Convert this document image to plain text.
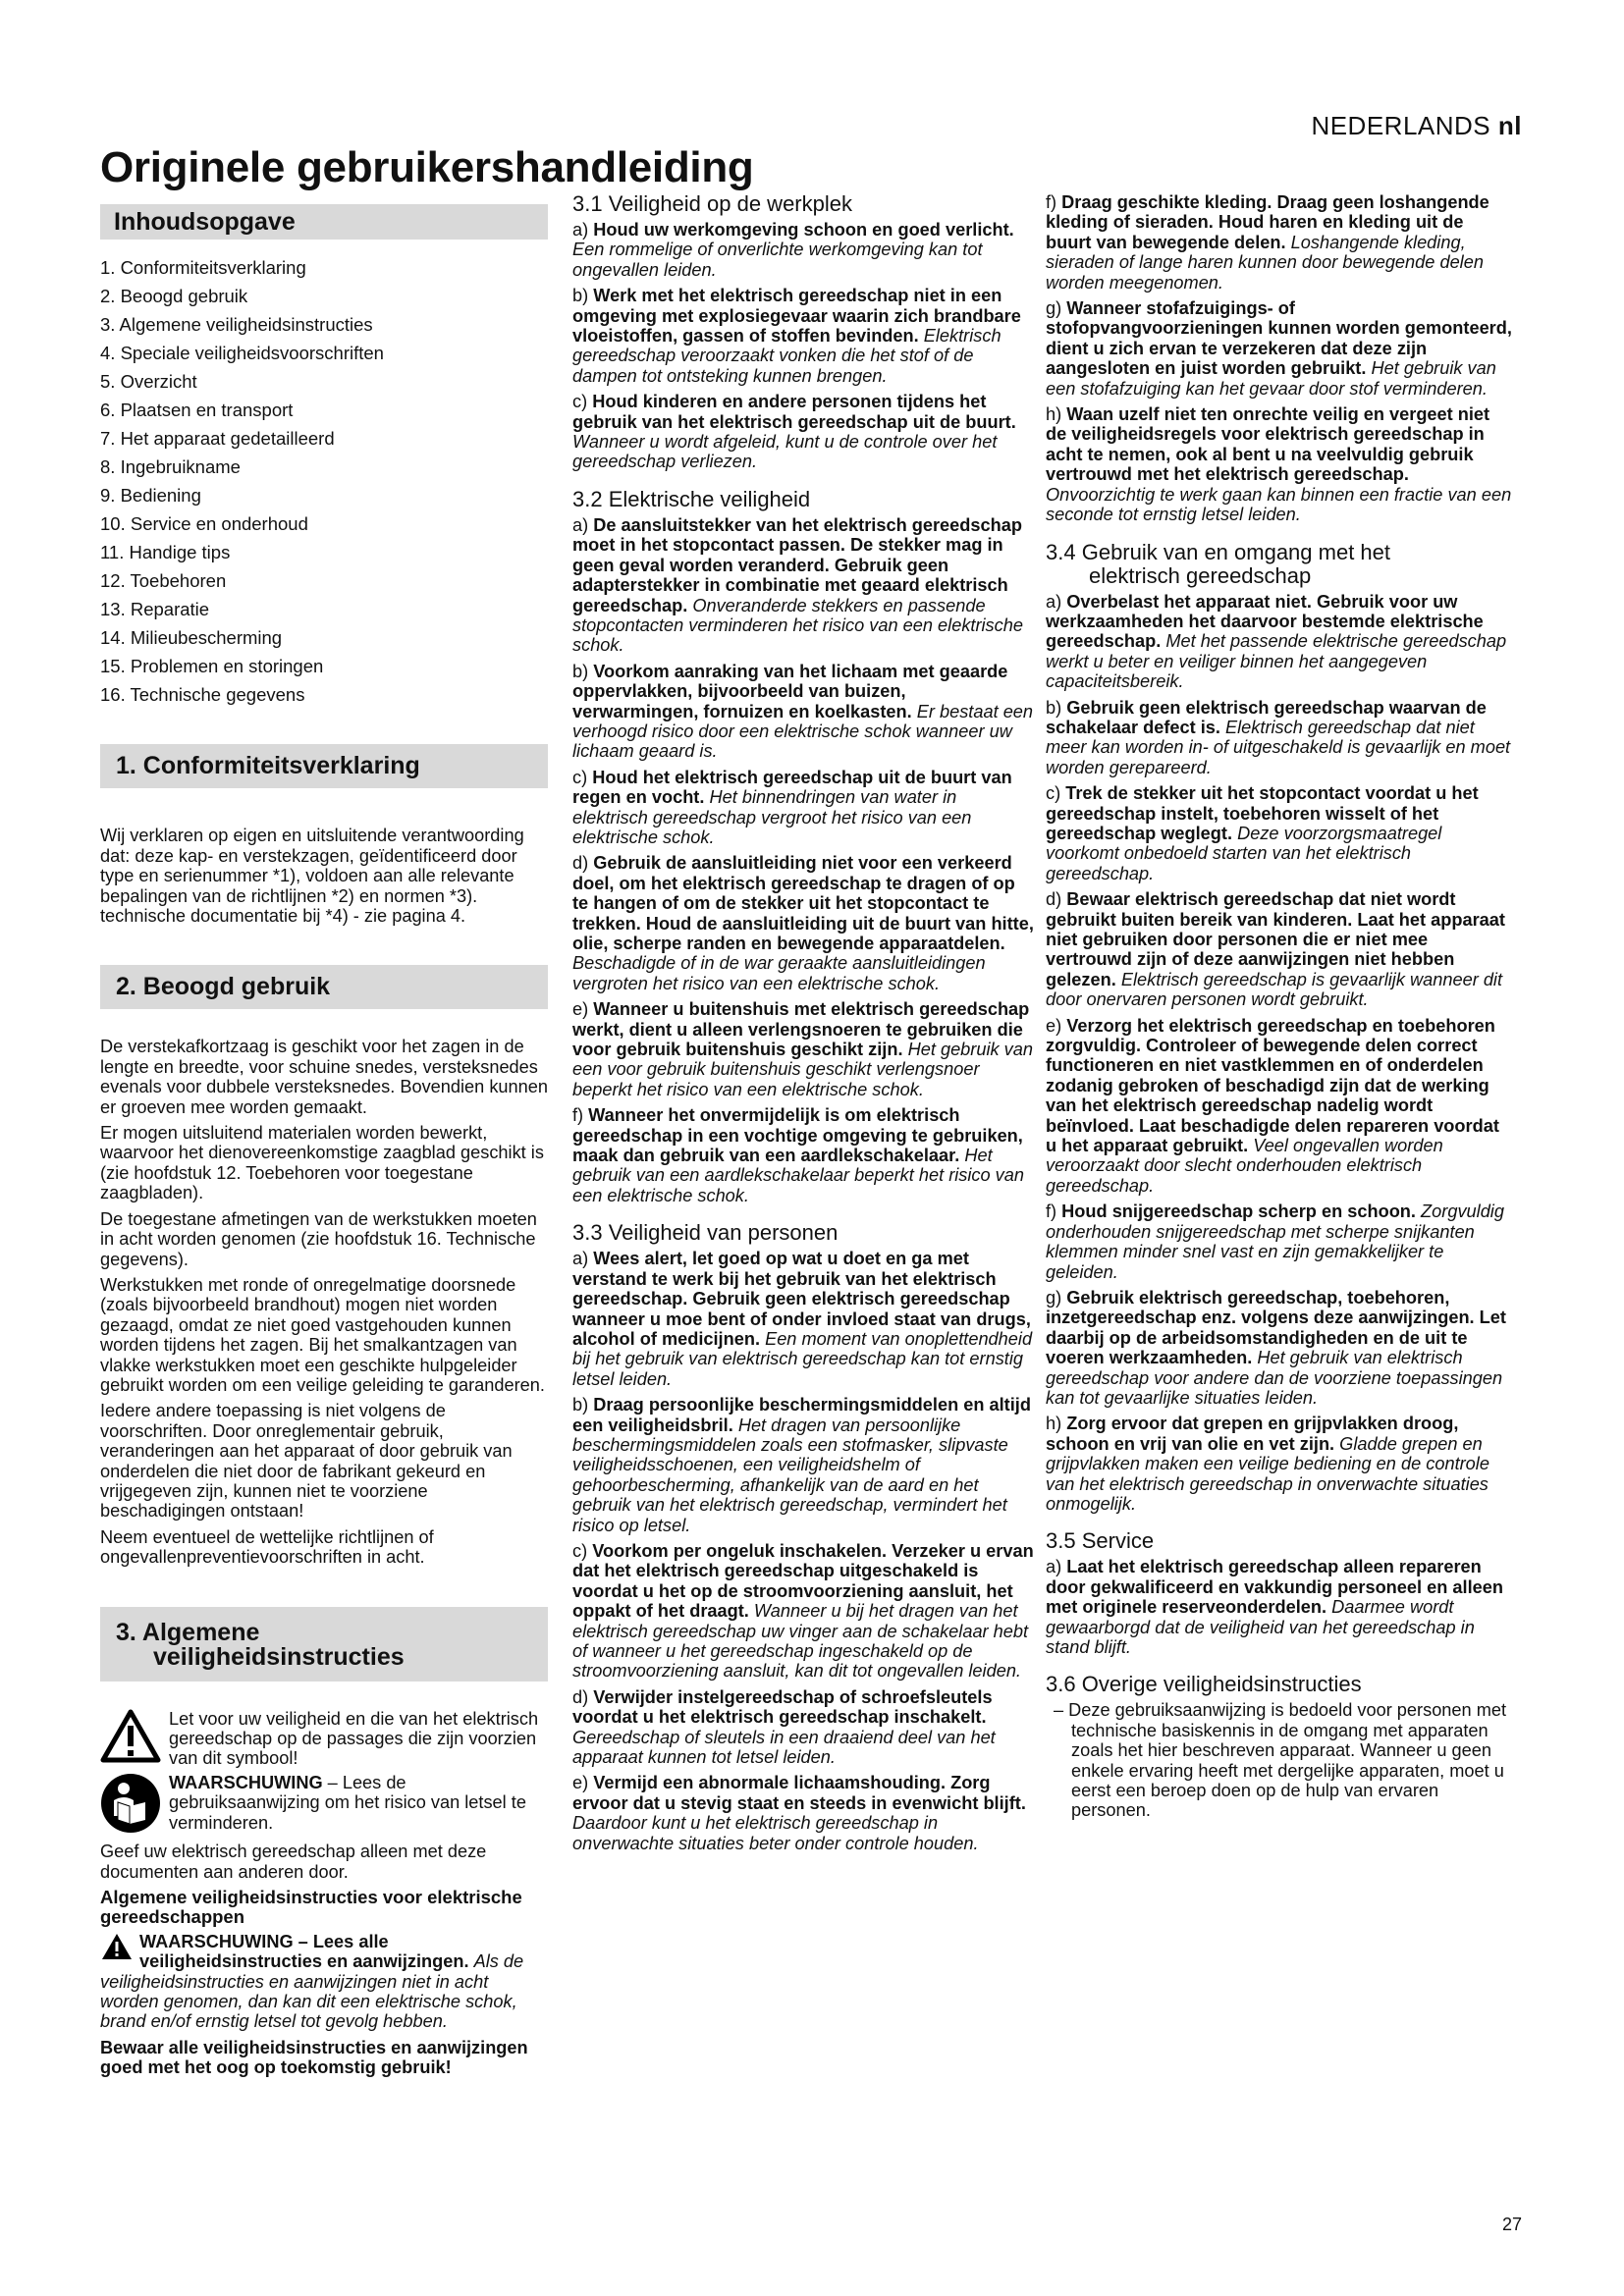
NEDERLANDS nl
Originele gebruikershandleiding
Inhoudsopgave
1. Conformiteitsverklaring
2. Beoogd gebruik
3. Algemene veiligheidsinstructies
4. Speciale veiligheidsvoorschriften
5. Overzicht
6. Plaatsen en transport
7. Het apparaat gedetailleerd
8. Ingebruikname
9. Bediening
10. Service en onderhoud
11. Handige tips
12. Toebehoren
13. Reparatie
14. Milieubescherming
15. Problemen en storingen
16. Technische gegevens
1. Conformiteitsverklaring

Wij verklaren op eigen en uitsluitende verantwoording dat: deze kap- en verstekzagen, geïdentificeerd door type en serienummer *1), voldoen aan alle relevante bepalingen van de richtlijnen *2) en normen *3). technische documentatie bij *4) - zie pagina 4.

2. Beoogd gebruik

De verstekafkortzaag is geschikt voor het zagen in de lengte en breedte, voor schuine snedes, versteksnedes evenals voor dubbele versteksnedes. Bovendien kunnen er groeven mee worden gemaakt.

Er mogen uitsluitend materialen worden bewerkt, waarvoor het dienovereenkomstige zaagblad geschikt is (zie hoofdstuk 12. Toebehoren voor toegestane zaagbladen).

De toegestane afmetingen van de werkstukken moeten in acht worden genomen (zie hoofdstuk 16. Technische gegevens).

Werkstukken met ronde of onregelmatige doorsnede (zoals bijvoorbeeld brandhout) mogen niet worden gezaagd, omdat ze niet goed vastgehouden kunnen worden tijdens het zagen. Bij het smalkantzagen van vlakke werkstukken moet een geschikte hulpgeleider gebruikt worden om een veilige geleiding te garanderen.

Iedere andere toepassing is niet volgens de voorschriften. Door onreglementair gebruik, veranderingen aan het apparaat of door gebruik van onderdelen die niet door de fabrikant gekeurd en vrijgegeven zijn, kunnen niet te voorziene beschadigingen ontstaan!

Neem eventueel de wettelijke richtlijnen of ongevallenpreventievoorschriften in acht.

3. Algemene
veiligheidsinstructies
Let voor uw veiligheid en die van het elektrisch gereedschap op de passages die zijn voorzien van dit symbool!
WAARSCHUWING – Lees de gebruiksaanwijzing om het risico van letsel te verminderen.

Geef uw elektrisch gereedschap alleen met deze documenten aan anderen door.

Algemene veiligheidsinstructies voor elektrische gereedschappen

WAARSCHUWING – Lees alle veiligheidsinstructies en aanwijzingen. Als de veiligheidsinstructies en aanwijzingen niet in acht worden genomen, dan kan dit een elektrische schok, brand en/of ernstig letsel tot gevolg hebben.

Bewaar alle veiligheidsinstructies en aanwijzingen goed met het oog op toekomstig gebruik!

3.1 Veiligheid op de werkplek

a) Houd uw werkomgeving schoon en goed verlicht. Een rommelige of onverlichte werkomgeving kan tot ongevallen leiden.

b) Werk met het elektrisch gereedschap niet in een omgeving met explosiegevaar waarin zich brandbare vloeistoffen, gassen of stoffen bevinden. Elektrisch gereedschap veroorzaakt vonken die het stof of de dampen tot ontsteking kunnen brengen.

c) Houd kinderen en andere personen tijdens het gebruik van het elektrisch gereedschap uit de buurt. Wanneer u wordt afgeleid, kunt u de controle over het gereedschap verliezen.

3.2 Elektrische veiligheid

a) De aansluitstekker van het elektrisch gereedschap moet in het stopcontact passen. De stekker mag in geen geval worden veranderd. Gebruik geen adapterstekker in combinatie met geaard elektrisch gereedschap. Onveranderde stekkers en passende stopcontacten verminderen het risico van een elektrische schok.

b) Voorkom aanraking van het lichaam met geaarde oppervlakken, bijvoorbeeld van buizen, verwarmingen, fornuizen en koelkasten. Er bestaat een verhoogd risico door een elektrische schok wanneer uw lichaam geaard is.

c) Houd het elektrisch gereedschap uit de buurt van regen en vocht. Het binnendringen van water in elektrisch gereedschap vergroot het risico van een elektrische schok.

d) Gebruik de aansluitleiding niet voor een verkeerd doel, om het elektrisch gereedschap te dragen of op te hangen of om de stekker uit het stopcontact te trekken. Houd de aansluitleiding uit de buurt van hitte, olie, scherpe randen en bewegende apparaatdelen. Beschadigde of in de war geraakte aansluitleidingen vergroten het risico van een elektrische schok.

e) Wanneer u buitenshuis met elektrisch gereedschap werkt, dient u alleen verlengsnoeren te gebruiken die voor gebruik buitenshuis geschikt zijn. Het gebruik van een voor gebruik buitenshuis geschikt verlengsnoer beperkt het risico van een elektrische schok.

f) Wanneer het onvermijdelijk is om elektrisch gereedschap in een vochtige omgeving te gebruiken, maak dan gebruik van een aardlekschakelaar. Het gebruik van een aardlekschakelaar beperkt het risico van een elektrische schok.

3.3 Veiligheid van personen

a) Wees alert, let goed op wat u doet en ga met verstand te werk bij het gebruik van het elektrisch gereedschap. Gebruik geen elektrisch gereedschap wanneer u moe bent of onder invloed staat van drugs, alcohol of medicijnen. Een moment van onoplettendheid bij het gebruik van elektrisch gereedschap kan tot ernstig letsel leiden.

b) Draag persoonlijke beschermingsmiddelen en altijd een veiligheidsbril. Het dragen van persoonlijke beschermingsmiddelen zoals een stofmasker, slipvaste veiligheidsschoenen, een veiligheidshelm of gehoorbescherming, afhankelijk van de aard en het gebruik van het elektrisch gereedschap, vermindert het risico op letsel.

c) Voorkom per ongeluk inschakelen. Verzeker u ervan dat het elektrisch gereedschap uitgeschakeld is voordat u het op de stroomvoorziening aansluit, het oppakt of het draagt. Wanneer u bij het dragen van het elektrisch gereedschap uw vinger aan de schakelaar hebt of wanneer u het gereedschap ingeschakeld op de stroomvoorziening aansluit, kan dit tot ongevallen leiden.

d) Verwijder instelgereedschap of schroefsleutels voordat u het elektrisch gereedschap inschakelt. Gereedschap of sleutels in een draaiend deel van het apparaat kunnen tot letsel leiden.

e) Vermijd een abnormale lichaamshouding. Zorg ervoor dat u stevig staat en steeds in evenwicht blijft. Daardoor kunt u het elektrisch gereedschap in onverwachte situaties beter onder controle houden.

f) Draag geschikte kleding. Draag geen loshangende kleding of sieraden. Houd haren en kleding uit de buurt van bewegende delen. Loshangende kleding, sieraden of lange haren kunnen door bewegende delen worden meegenomen.

g) Wanneer stofafzuigings- of stofopvangvoorzieningen kunnen worden gemonteerd, dient u zich ervan te verzekeren dat deze zijn aangesloten en juist worden gebruikt. Het gebruik van een stofafzuiging kan het gevaar door stof verminderen.

h) Waan uzelf niet ten onrechte veilig en vergeet niet de veiligheidsregels voor elektrisch gereedschap in acht te nemen, ook al bent u na veelvuldig gebruik vertrouwd met het elektrisch gereedschap. Onvoorzichtig te werk gaan kan binnen een fractie van een seconde tot ernstig letsel leiden.

3.4 Gebruik van en omgang met het
elektrisch gereedschap

a) Overbelast het apparaat niet. Gebruik voor uw werkzaamheden het daarvoor bestemde elektrische gereedschap. Met het passende elektrische gereedschap werkt u beter en veiliger binnen het aangegeven capaciteitsbereik.

b) Gebruik geen elektrisch gereedschap waarvan de schakelaar defect is. Elektrisch gereedschap dat niet meer kan worden in- of uitgeschakeld is gevaarlijk en moet worden gerepareerd.

c) Trek de stekker uit het stopcontact voordat u het gereedschap instelt, toebehoren wisselt of het gereedschap weglegt. Deze voorzorgsmaatregel voorkomt onbedoeld starten van het elektrisch gereedschap.

d) Bewaar elektrisch gereedschap dat niet wordt gebruikt buiten bereik van kinderen. Laat het apparaat niet gebruiken door personen die er niet mee vertrouwd zijn of deze aanwijzingen niet hebben gelezen. Elektrisch gereedschap is gevaarlijk wanneer dit door onervaren personen wordt gebruikt.

e) Verzorg het elektrisch gereedschap en toebehoren zorgvuldig. Controleer of bewegende delen correct functioneren en niet vastklemmen en of onderdelen zodanig gebroken of beschadigd zijn dat de werking van het elektrisch gereedschap nadelig wordt beïnvloed. Laat beschadigde delen repareren voordat u het apparaat gebruikt. Veel ongevallen worden veroorzaakt door slecht onderhouden elektrisch gereedschap.

f) Houd snijgereedschap scherp en schoon. Zorgvuldig onderhouden snijgereedschap met scherpe snijkanten klemmen minder snel vast en zijn gemakkelijker te geleiden.

g) Gebruik elektrisch gereedschap, toebehoren, inzetgereedschap enz. volgens deze aanwijzingen. Let daarbij op de arbeidsomstandigheden en de uit te voeren werkzaamheden. Het gebruik van elektrisch gereedschap voor andere dan de voorziene toepassingen kan tot gevaarlijke situaties leiden.

h) Zorg ervoor dat grepen en grijpvlakken droog, schoon en vrij van olie en vet zijn. Gladde grepen en grijpvlakken maken een veilige bediening en de controle van het elektrisch gereedschap in onverwachte situaties onmogelijk.

3.5 Service

a) Laat het elektrisch gereedschap alleen repareren door gekwalificeerd en vakkundig personeel en alleen met originele reserveonderdelen. Daarmee wordt gewaarborgd dat de veiligheid van het gereedschap in stand blijft.

3.6 Overige veiligheidsinstructies

– Deze gebruiksaanwijzing is bedoeld voor personen met technische basiskennis in de omgang met apparaten zoals het hier beschreven apparaat. Wanneer u geen enkele ervaring heeft met dergelijke apparaten, moet u eerst een beroep doen op de hulp van ervaren personen.

27
